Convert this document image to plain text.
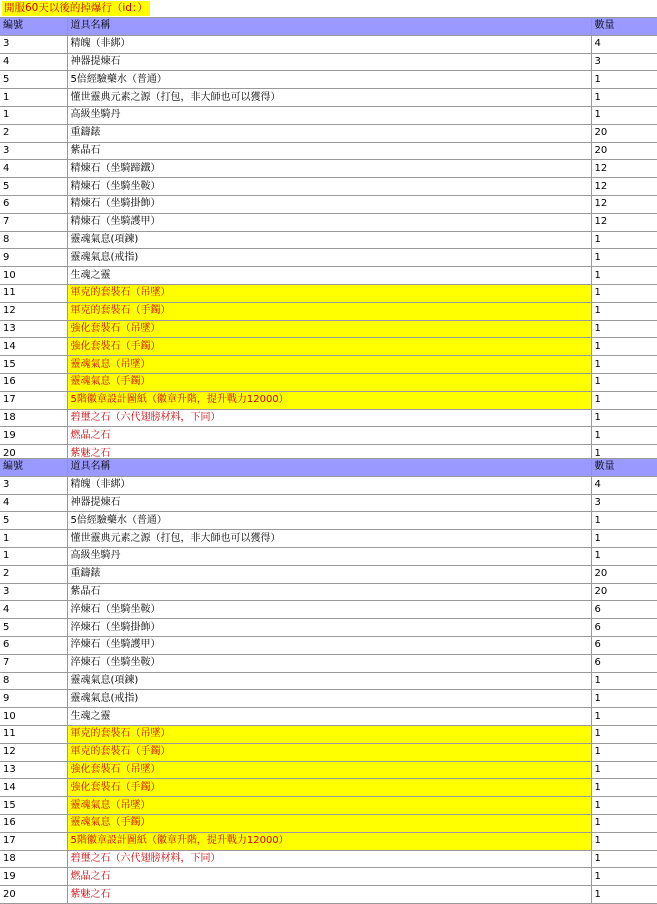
開服60天以後的掉爆行（id：）
編號	道具名稱	數量
3	精魄（非綁）	4
4	神器提煉石	3
5	5倍經驗藥水（普通）	1
1	懂世靈典元素之源（打包，非大師也可以獲得）	1
1	高級坐騎丹	1
2	重鑄錶	20
3	紫晶石	20
4	精煉石（坐騎蹄鐵）	12
5	精煉石（坐騎坐鞍）	12
6	精煉石（坐騎掛飾）	12
7	精煉石（坐騎護甲）	12
8	靈魂氣息(項鍊)	1
9	靈魂氣息(戒指)	1
10	生魂之靈	1
11	軍克的套裝石（吊墜）	1
12	軍克的套裝石（手鐲）	1
13	強化套裝石（吊墜）	1
14	強化套裝石（手鐲）	1
15	靈魂氣息（吊墜）	1
16	靈魂氣息（手鐲）	1
17	5階徽章設計圖紙（徽章升階，提升戰力12000）	1
18	碧璽之石（六代翅膀材料，下同）	1
19	燃晶之石	1
20	紫魅之石	1
編號	道具名稱	數量
3	精魄（非綁）	4
4	神器提煉石	3
5	5倍經驗藥水（普通）	1
1	懂世靈典元素之源（打包，非大師也可以獲得）	1
1	高級坐騎丹	1
2	重鑄錶	20
3	紫晶石	20
4	淬煉石（坐騎坐鞍）	6
5	淬煉石（坐騎掛飾）	6
6	淬煉石（坐騎護甲）	6
7	淬煉石（坐騎坐鞍）	6
8	靈魂氣息(項鍊)	1
9	靈魂氣息(戒指)	1
10	生魂之靈	1
11	軍克的套裝石（吊墜）	1
12	軍克的套裝石（手鐲）	1
13	強化套裝石（吊墜）	1
14	強化套裝石（手鐲）	1
15	靈魂氣息（吊墜）	1
16	靈魂氣息（手鐲）	1
17	5階徽章設計圖紙（徽章升階，提升戰力12000）	1
18	碧璽之石（六代翅膀材料，下同）	1
19	燃晶之石	1
20	紫魅之石	1
